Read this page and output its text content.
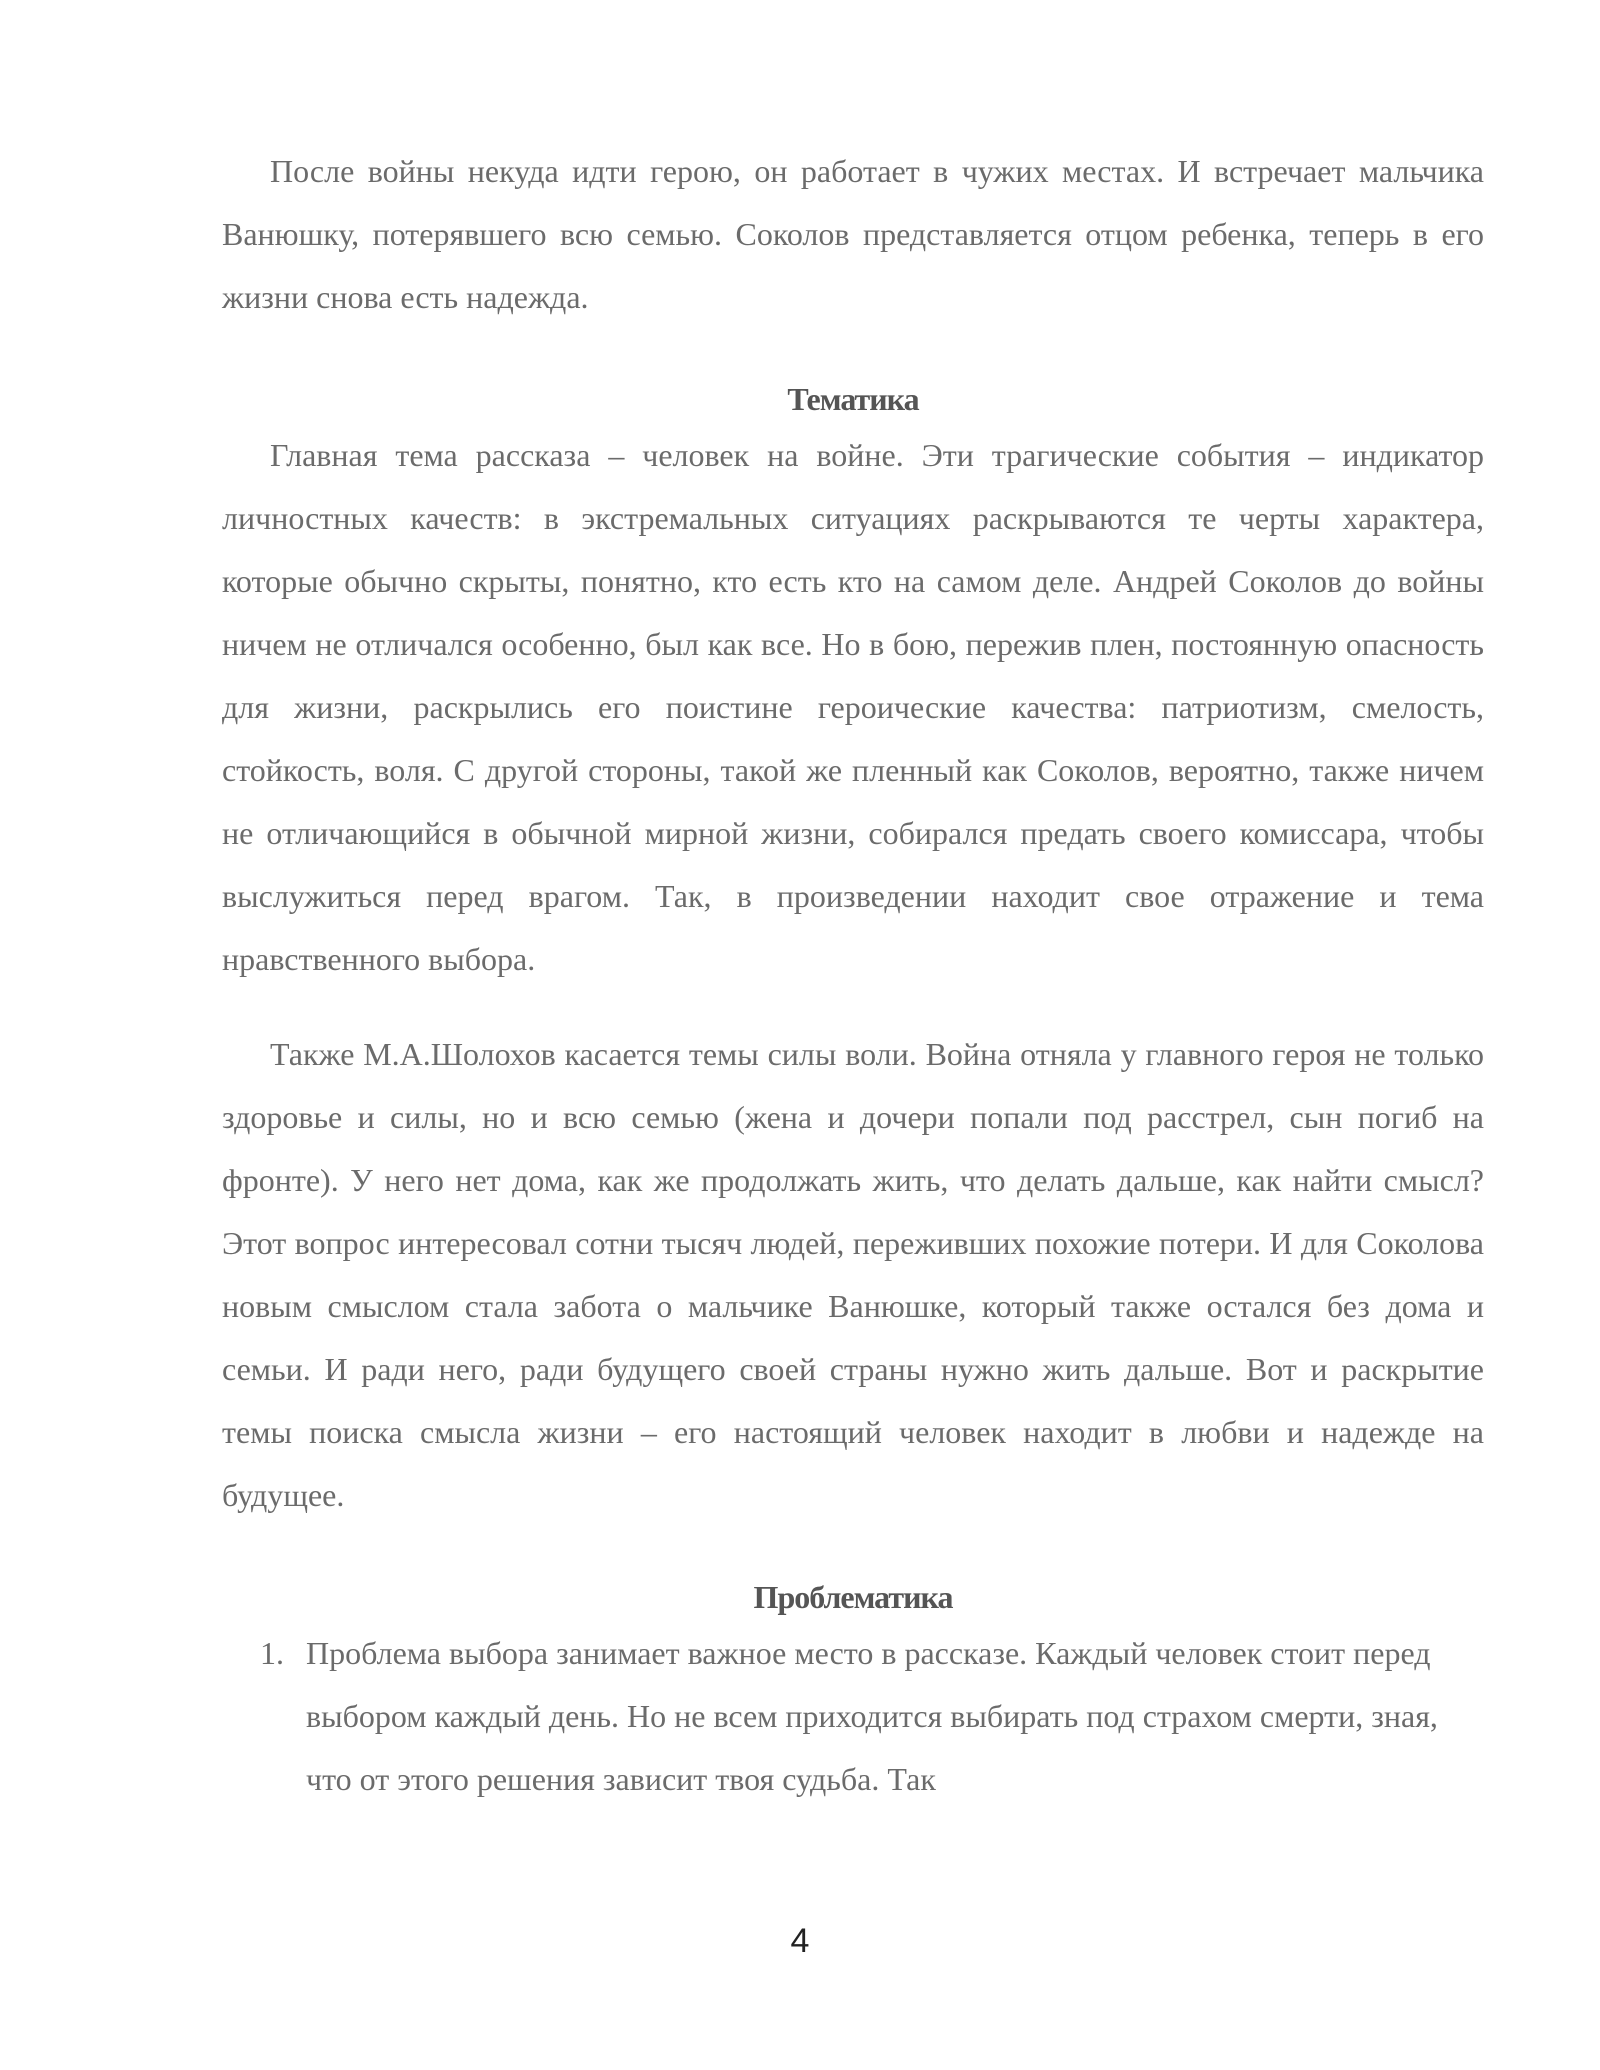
После войны некуда идти герою, он работает в чужих местах. И встречает мальчика Ванюшку, потерявшего всю семью. Соколов представляется отцом ребенка, теперь в его жизни снова есть надежда.

Тематика

Главная тема рассказа – человек на войне. Эти трагические события – индикатор личностных качеств: в экстремальных ситуациях раскрываются те черты характера, которые обычно скрыты, понятно, кто есть кто на самом деле. Андрей Соколов до войны ничем не отличался особенно, был как все. Но в бою, пережив плен, постоянную опасность для жизни, раскрылись его поистине героические качества: патриотизм, смелость, стойкость, воля. С другой стороны, такой же пленный как Соколов, вероятно, также ничем не отличающийся в обычной мирной жизни, собирался предать своего комиссара, чтобы выслужиться перед врагом. Так, в произведении находит свое отражение и тема нравственного выбора.

Также М.А.Шолохов касается темы силы воли. Война отняла у главного героя не только здоровье и силы, но и всю семью (жена и дочери попали под расстрел, сын погиб на фронте). У него нет дома, как же продолжать жить, что делать дальше, как найти смысл? Этот вопрос интересовал сотни тысяч людей, переживших похожие потери. И для Соколова новым смыслом стала забота о мальчике Ванюшке, который также остался без дома и семьи. И ради него, ради будущего своей страны нужно жить дальше. Вот и раскрытие темы поиска смысла жизни – его настоящий человек находит в любви и надежде на будущее.

Проблематика
1. Проблема выбора занимает важное место в рассказе. Каждый человек стоит перед выбором каждый день. Но не всем приходится выбирать под страхом смерти, зная, что от этого решения зависит твоя судьба. Так
4
